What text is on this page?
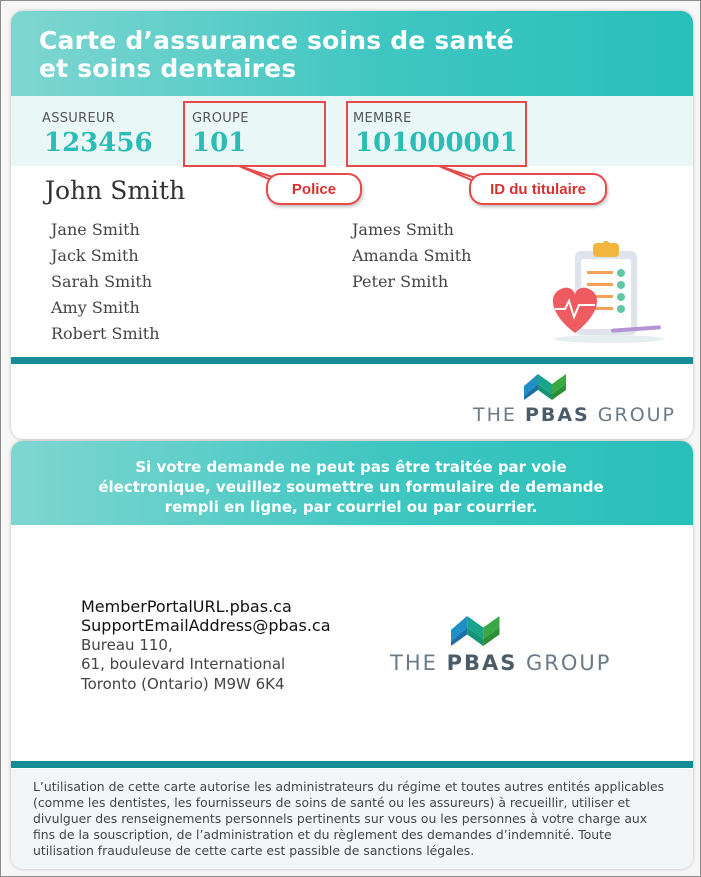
Carte d’assurance soins de santé
et soins dentaires
ASSUREUR
123456
GROUPE
101
MEMBRE
101000001
Police	ID du titulaire
John Smith
Jane Smith
Jack Smith
Sarah Smith
Amy Smith
Robert Smith
James Smith
Amanda Smith
Peter Smith
THE PBAS GROUP
Si votre demande ne peut pas être traitée par voie
électronique, veuillez soumettre un formulaire de demande
rempli en ligne, par courriel ou par courrier.
MemberPortalURL.pbas.ca
SupportEmailAddress@pbas.ca
Bureau 110,
61, boulevard International
Toronto (Ontario) M9W 6K4
THE PBAS GROUP
L’utilisation de cette carte autorise les administrateurs du régime et toutes autres entités applicables (comme les dentistes, les fournisseurs de soins de santé ou les assureurs) à recueillir, utiliser et divulguer des renseignements personnels pertinents sur vous ou les personnes à votre charge aux fins de la souscription, de l’administration et du règlement des demandes d’indemnité. Toute utilisation frauduleuse de cette carte est passible de sanctions légales.
